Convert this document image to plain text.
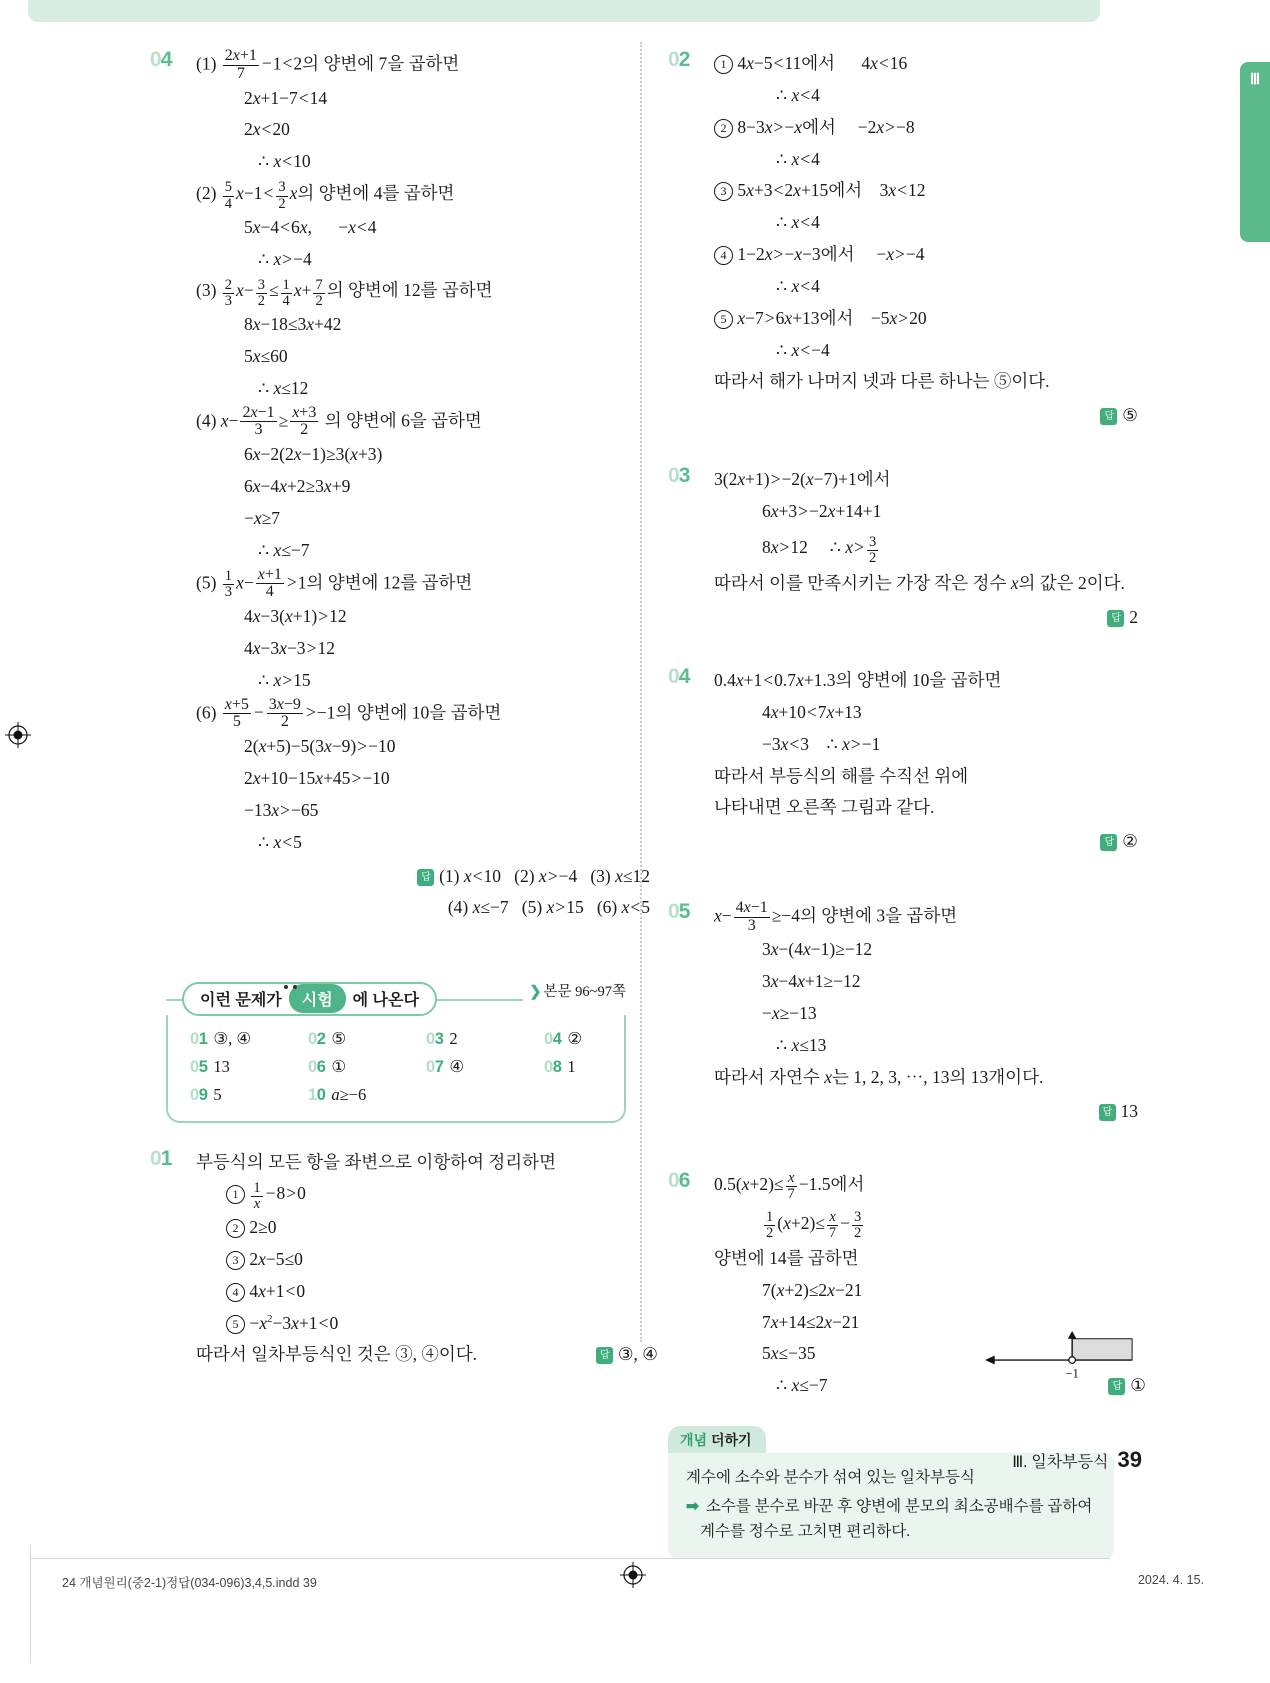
Ⅲ
04 $(1) \frac{2x+1}{7} -1<2$의 양변에 7을 곱하면
2x+1−7<14
2x<20
∴ x<10
$(2) \frac{5}{4} x-1< \frac{3}{2}$ x의 양변에 4를 곱하면
5x−4<6x,      −x<4
∴ x>−4
$(3) \frac{2}{3} x- \frac{3}{2} \le \frac{1}{4} x+ \frac{7}{2}$ 의 양변에 12를 곱하면
8x−18≤3x+42
5x≤60
∴ x≤12
(4) $x- \frac{2x-1}{3} \ge \frac{x+3}{2}$ 의 양변에 6을 곱하면
6x−2(2x−1)≥3(x+3)
6x−4x+2≥3x+9
−x≥7
∴ x≤−7
$(5) \frac{1}{3} x- \frac{x+1}{4} >1$의 양변에 12를 곱하면
4x−3(x+1)>12
4x−3x−3>12
∴ x>15
$(6) \frac{x+5}{5} - \frac{3x-9}{2} >-1$의 양변에 10을 곱하면
2(x+5)−5(3x−9)>−10
2x+10−15x+45>−10
−13x>−65
∴ x<5
답 (1) x<10   (2) x>−4   (3) x≤12
(4) x≤−7   (5) x>15   (6) x<5
이런 문제가	시험	에 나온다
❯ 본문 96~97쪽
01 ③, ④	02 ⑤	03 2	04 ②
05 13	06 ①	07 ④	08 1
09 5	10 a≥−6
01 부등식의 모든 항을 좌변으로 이항하여 정리하면
$1 \frac{1}{x} -8>0$
2 2≥0
3 2x−5≤0
4 4x+1<0
$5 -x^2-3x+1<0$
따라서 일차부등식인 것은 ③, ④이다.	답 ③, ④
02	1 4x−5<11에서      4x<16
∴ x<4
2 8−3x>−x에서     −2x>−8
∴ x<4
3 5x+3<2x+15에서    3x<12
∴ x<4
4 1−2x>−x−3에서     −x>−4
∴ x<4
5 x−7>6x+13에서    −5x>20
∴ x<−4
따라서 해가 나머지 넷과 다른 하나는 ⑤이다.
답 ⑤
03 3(2x+1)>−2(x−7)+1에서
6x+3>−2x+14+1
8x>12     ∴ $x> \frac{3}{2}$
따라서 이를 만족시키는 가장 작은 정수 x의 값은 2이다.
답 2
04 0.4x+1<0.7x+1.3의 양변에 10을 곱하면
4x+10<7x+13
−3x<3    ∴ x>−1
따라서 부등식의 해를 수직선 위에
나타내면 오른쪽 그림과 같다.
답 ②
−1
05 $x- \frac{4x-1}{3} \ge-4$의 양변에 3을 곱하면
3x−(4x−1)≥−12
3x−4x+1≥−12
−x≥−13
∴ x≤13
따라서 자연수 x는 1, 2, 3, ⋯, 13의 13개이다.
답 13
06 $0.5(x+2)\le \frac{x}{7} -1.5$에서
$\frac{1}{2} (x+2)\le \frac{x}{7} - \frac{3}{2}$
양변에 14를 곱하면
7(x+2)≤2x−21
7x+14≤2x−21
5x≤−35
∴ x≤−7	답 ①
개념 더하기
계수에 소수와 분수가 섞여 있는 일차부등식
➡ 소수를 분수로 바꾼 후 양변에 분모의 최소공배수를 곱하여 계수를 정수로 고치면 편리하다.
Ⅲ. 일차부등식 39
24 개념원리(중2-1)정답(034-096)3,4,5.indd 39	2024. 4. 15.
